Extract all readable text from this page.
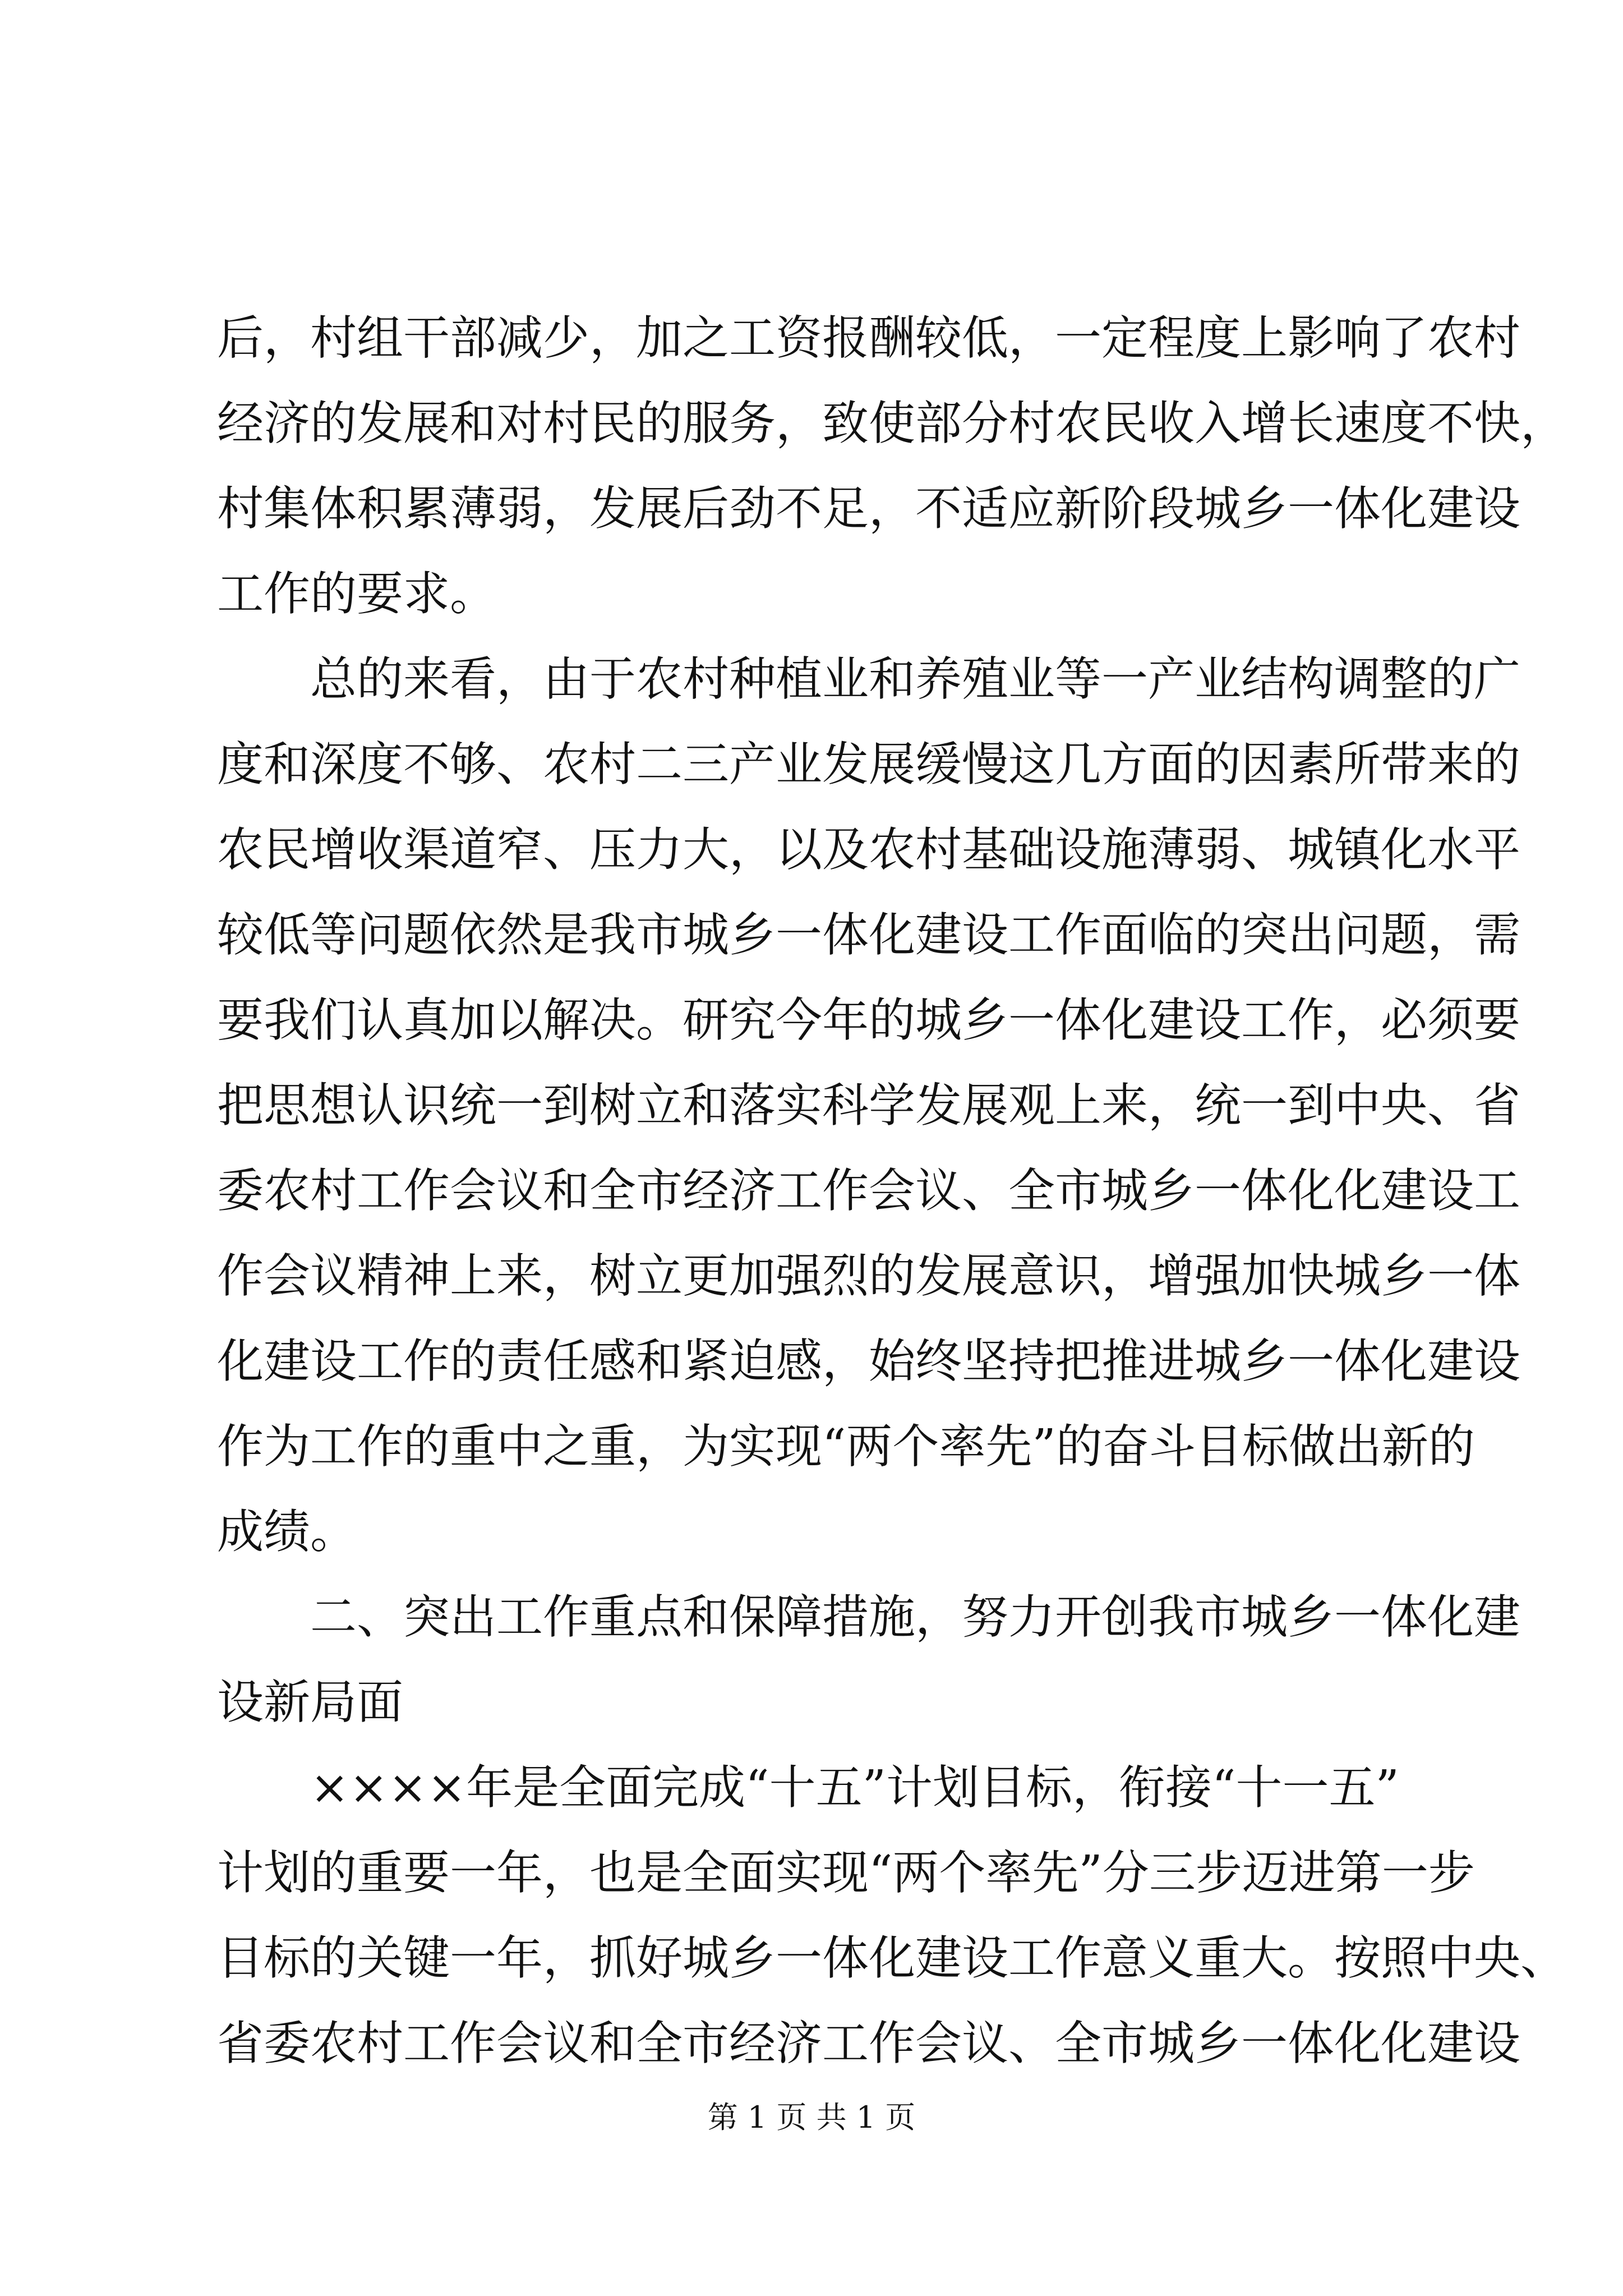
后，村组干部减少，加之工资报酬较低，一定程度上影响了农村
经济的发展和对村民的服务，致使部分村农民收入增长速度不快，
村集体积累薄弱，发展后劲不足，不适应新阶段城乡一体化建设
工作的要求。
总的来看，由于农村种植业和养殖业等一产业结构调整的广
度和深度不够、农村二三产业发展缓慢这几方面的因素所带来的
农民增收渠道窄、压力大，以及农村基础设施薄弱、城镇化水平
较低等问题依然是我市城乡一体化建设工作面临的突出问题，需
要我们认真加以解决。研究今年的城乡一体化建设工作，必须要
把思想认识统一到树立和落实科学发展观上来，统一到中央、省
委农村工作会议和全市经济工作会议、全市城乡一体化化建设工
作会议精神上来，树立更加强烈的发展意识，增强加快城乡一体
化建设工作的责任感和紧迫感，始终坚持把推进城乡一体化建设
作为工作的重中之重，为实现“两个率先”的奋斗目标做出新的
成绩。
二、突出工作重点和保障措施，努力开创我市城乡一体化建
设新局面
××××年是全面完成“十五”计划目标，衔接“十一五”
计划的重要一年，也是全面实现“两个率先”分三步迈进第一步
目标的关键一年，抓好城乡一体化建设工作意义重大。按照中央、
省委农村工作会议和全市经济工作会议、全市城乡一体化化建设
第 1 页 共 1 页
